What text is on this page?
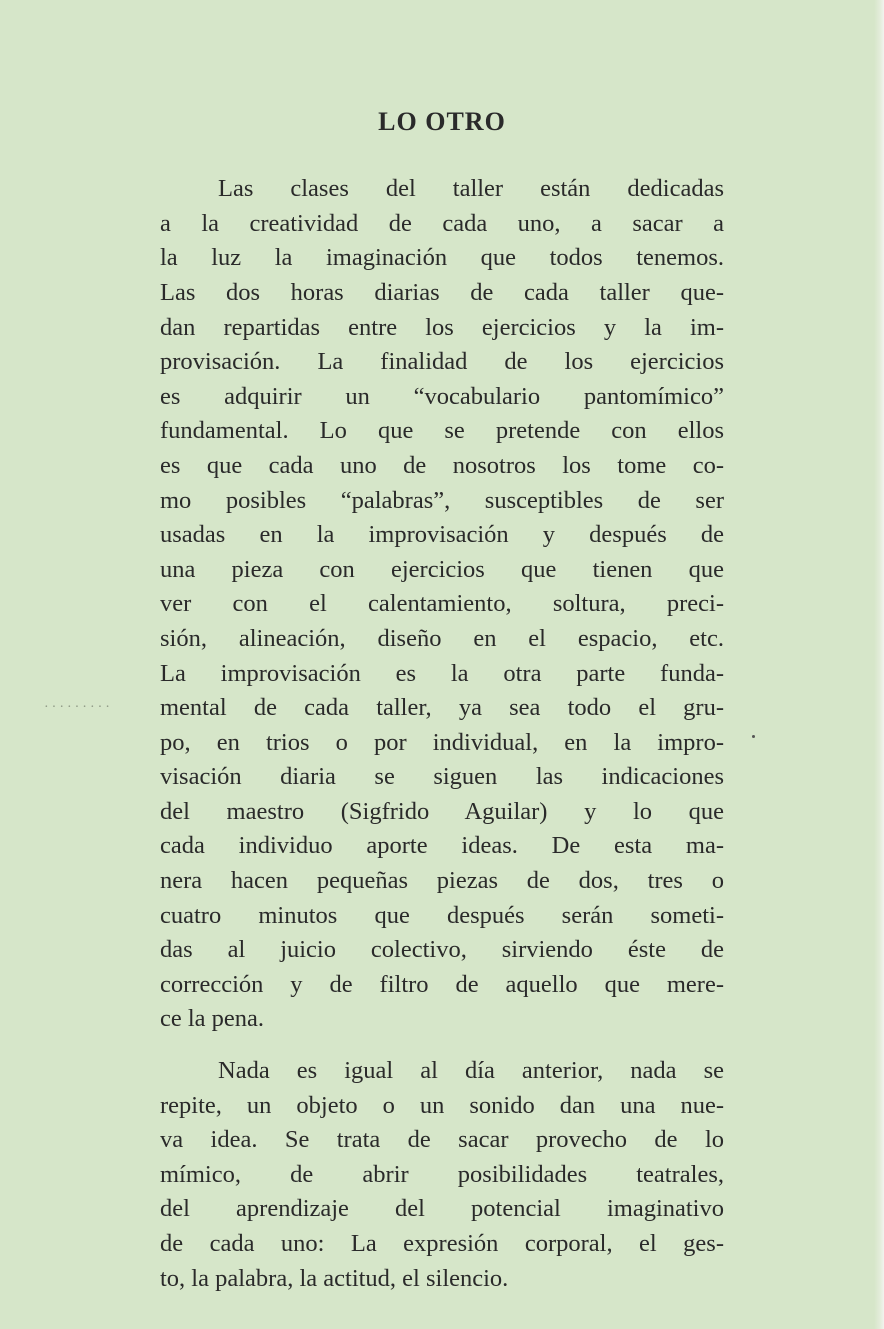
·········
LO OTRO

Las clases del taller están dedicadas
a la creatividad de cada uno, a sacar a
la luz la imaginación que todos tenemos.
Las dos horas diarias de cada taller que-
dan repartidas entre los ejercicios y la im-
provisación. La finalidad de los ejercicios
es adquirir un “vocabulario pantomímico”
fundamental. Lo que se pretende con ellos
es que cada uno de nosotros los tome co-
mo posibles “palabras”, susceptibles de ser
usadas en la improvisación y después de
una pieza con ejercicios que tienen que
ver con el calentamiento, soltura, preci-
sión, alineación, diseño en el espacio, etc.
La improvisación es la otra parte funda-
mental de cada taller, ya sea todo el gru-
po, en trios o por individual, en la impro-
visación diaria se siguen las indicaciones
del maestro (Sigfrido Aguilar) y lo que
cada individuo aporte ideas. De esta ma-
nera hacen pequeñas piezas de dos, tres o
cuatro minutos que después serán someti-
das al juicio colectivo, sirviendo éste de
corrección y de filtro de aquello que mere-
ce la pena.

Nada es igual al día anterior, nada se
repite, un objeto o un sonido dan una nue-
va idea. Se trata de sacar provecho de lo
mímico, de abrir posibilidades teatrales,
del aprendizaje del potencial imaginativo
de cada uno: La expresión corporal, el ges-
to, la palabra, la actitud, el silencio.
